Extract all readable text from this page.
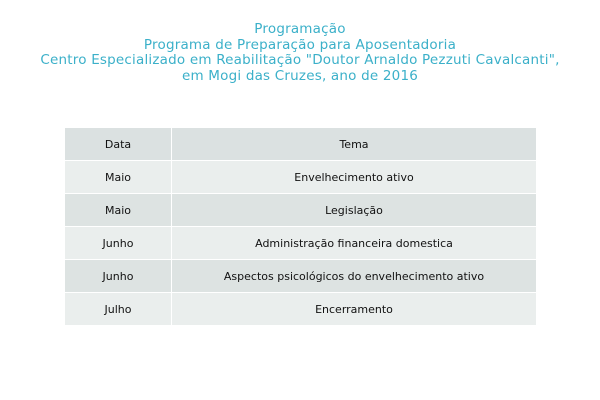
Programação
Programa de Preparação para Aposentadoria
Centro Especializado em Reabilitação "Doutor Arnaldo Pezzuti Cavalcanti",
em Mogi das Cruzes, ano de 2016
Data	Tema
Maio	Envelhecimento ativo
Maio	Legislação
Junho	Administração financeira domestica
Junho	Aspectos psicológicos do envelhecimento ativo
Julho	Encerramento
